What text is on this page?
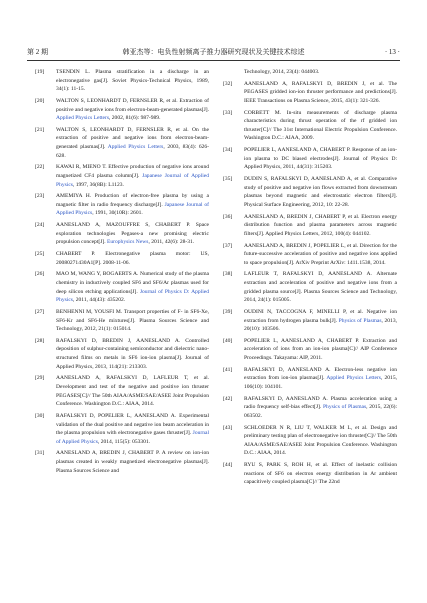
第 2 期	韩亚杰等：电负性射频离子推力器研究现状及关键技术综述	· 13 ·
[19] TSENDIN L. Plasma stratification in a discharge in an electronegative gas[J]. Soviet Physics-Technical Physics, 1989, 34(1): 11-15.
[20] WALTON S, LEONHARDT D, FERNSLER R, et al. Extraction of positive and negative ions from electron-beam-generated plasmas[J]. Applied Physics Letters, 2002, 81(6): 987-989.
[21] WALTON S, LEONHARDT D, FERNSLER R, et al. On the extraction of positive and negative ions from electron-beam-generated plasmas[J]. Applied Physics Letters, 2003, 83(4): 626-628.
[22] KAWAI R, MIENO T. Effective production of negative ions around magnetized CF4 plasma column[J]. Japanese Journal of Applied Physics, 1997, 36(8B): L1123.
[23] AMEMIYA H. Production of electron-free plasma by using a magnetic filter in radio frequency discharge[J]. Japanese Journal of Applied Physics, 1991, 30(10R): 2601.
[24] AANESLAND A, MAZOUFFRE S, CHABERT P. Space exploration technologies Pegases-a new promising electric propulsion concept[J]. Europhysics News, 2011, 42(6): 28-31.
[25] CHABERT P. Electronegative plasma motor: US, 20080271430A1[P]. 2008-11-06.
[26] MAO M, WANG Y, BOGAERTS A. Numerical study of the plasma chemistry in inductively coupled SF6 and SF6/Ar plasmas used for deep silicon etching applications[J]. Journal of Physics D: Applied Physics, 2011, 44(43): 435202.
[27] BENHENNI M, YOUSFI M. Transport properties of F- in SF6-Xe, SF6-Kr and SF6-He mixtures[J]. Plasma Sources Science and Technology, 2012, 21(1): 015014.
[28] RAFALSKYI D, BREDIN J, AANESLAND A. Controlled deposition of sulphur-containing semiconductor and dielectric nano-structured films on metals in SF6 ion-ion plasma[J]. Journal of Applied Physics, 2013, 114(21): 213303.
[29] AANESLAND A, RAFALSKYI D, LAFLEUR T, et al. Development and test of the negative and positive ion thruster PEGASES[C]// The 50th AIAA/ASME/SAE/ASEE Joint Propulsion Conference. Washington D.C.: AIAA, 2014.
[30] RAFALSKYI D, POPELIER L, AANESLAND A. Experimental validation of the dual positive and negative ion beam acceleration in the plasma propulsion with electronegative gases thruster[J]. Journal of Applied Physics, 2014, 115(5): 053301.
[31] AANESLAND A, BREDIN J, CHABERT P. A review on ion-ion plasmas created in weakly magnetized electronegative plasmas[J]. Plasma Sources Science and
Technology, 2014, 23(4): 044003.
[32] AANESLAND A, RAFALSKYI D, BREDIN J, et al. The PEGASES gridded ion-ion thruster performance and predictions[J]. IEEE Transactions on Plasma Science, 2015, 43(1): 321-326.
[33] CORBETT M. In-situ measurements of discharge plasma characteristics during thrust operation of the rf gridded ion thruster[C]// The 31st International Electric Propulsion Conference. Washington D.C.: AIAA, 2009.
[34] POPELIER L, AANESLAND A, CHABERT P. Response of an ion-ion plasma to DC biased electrodes[J]. Journal of Physics D: Applied Physics, 2011, 44(31): 315203.
[35] DUDIN S, RAFALSKYI D, AANESLAND A, et al. Comparative study of positive and negative ion flows extracted from downstream plasmas beyond magnetic and electrostatic electron filters[J]. Physical Surface Engineering, 2012, 10: 22-28.
[36] AANESLAND A, BREDIN J, CHABERT P, et al. Electron energy distribution function and plasma parameters across magnetic filters[J]. Applied Physics Letters, 2012, 100(4): 044102.
[37] AANESLAND A, BREDIN J, POPELIER L, et al. Direction for the future-successive acceleration of positive and negative ions applied to space propulsion[J]. ArXiv Preprint ArXiv: 1411.1538, 2014.
[38] LAFLEUR T, RAFALSKYI D, AANESLAND A. Alternate extraction and acceleration of positive and negative ions from a gridded plasma source[J]. Plasma Sources Science and Technology, 2014, 24(1): 015005.
[39] OUDINI N, TACCOGNA F, MINELLI P, et al. Negative ion extraction from hydrogen plasma bulk[J]. Physics of Plasmas, 2013, 20(10): 103506.
[40] POPELIER L, AANESLAND A, CHABERT P. Extraction and acceleration of ions from an ion-ion plasma[C]// AIP Conference Proceedings. Takayama: AIP, 2011.
[41] RAFALSKYI D, AANESLAND A. Electron-less negative ion extraction from ion-ion plasmas[J]. Applied Physics Letters, 2015, 106(10): 104101.
[42] RAFALSKYI D, AANESLAND A. Plasma acceleration using a radio frequency self-bias effect[J]. Physics of Plasmas, 2015, 22(6): 063502.
[43] SCHLOEDER N R, LIU T, WALKER M L, et al. Design and preliminary testing plan of electronegative ion thruster[C]// The 50th AIAA/ASME/SAE/ASEE Joint Propulsion Conference. Washington D.C.: AIAA, 2014.
[44] RYU S, PARK S, ROH H, et al. Effect of inelastic collision reactions of SF6 on electron energy distribution in Ar ambient capacitively coupled plasma[C]// The 22nd
